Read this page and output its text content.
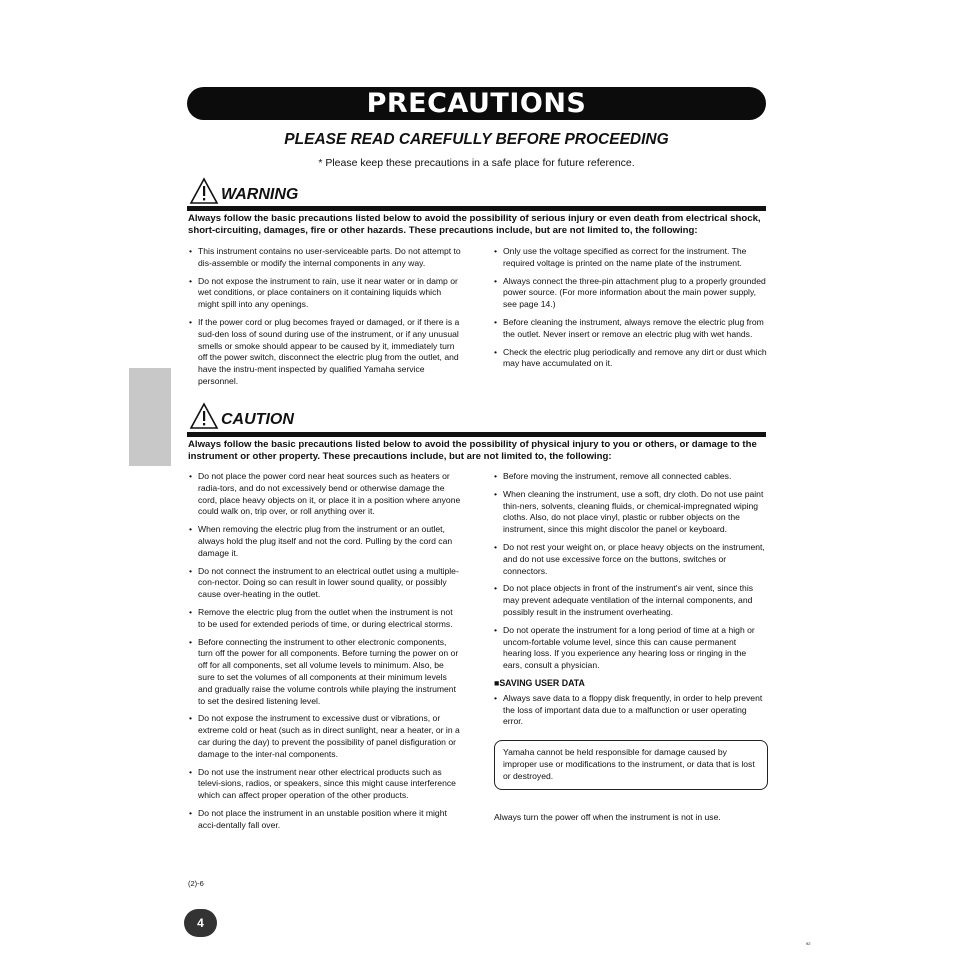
PRECAUTIONS
PLEASE READ CAREFULLY BEFORE PROCEEDING
* Please keep these precautions in a safe place for future reference.
WARNING
Always follow the basic precautions listed below to avoid the possibility of serious injury or even death from electrical shock, short-circuiting, damages, fire or other hazards. These precautions include, but are not limited to, the following:
• This instrument contains no user-serviceable parts. Do not attempt to dis-assemble or modify the internal components in any way.
• Do not expose the instrument to rain, use it near water or in damp or wet conditions, or place containers on it containing liquids which might spill into any openings.
• If the power cord or plug becomes frayed or damaged, or if there is a sud-den loss of sound during use of the instrument, or if any unusual smells or smoke should appear to be caused by it, immediately turn off the power switch, disconnect the electric plug from the outlet, and have the instru-ment inspected by qualified Yamaha service personnel.
• Only use the voltage specified as correct for the instrument. The required voltage is printed on the name plate of the instrument.
• Always connect the three-pin attachment plug to a properly grounded power source. (For more information about the main power supply, see page 14.)
• Before cleaning the instrument, always remove the electric plug from the outlet. Never insert or remove an electric plug with wet hands.
• Check the electric plug periodically and remove any dirt or dust which may have accumulated on it.
CAUTION
Always follow the basic precautions listed below to avoid the possibility of physical injury to you or others, or damage to the instrument or other property. These precautions include, but are not limited to, the following:
• Do not place the power cord near heat sources such as heaters or radia-tors, and do not excessively bend or otherwise damage the cord, place heavy objects on it, or place it in a position where anyone could walk on, trip over, or roll anything over it.
• When removing the electric plug from the instrument or an outlet, always hold the plug itself and not the cord. Pulling by the cord can damage it.
• Do not connect the instrument to an electrical outlet using a multiple-con-nector. Doing so can result in lower sound quality, or possibly cause over-heating in the outlet.
• Remove the electric plug from the outlet when the instrument is not to be used for extended periods of time, or during electrical storms.
• Before connecting the instrument to other electronic components, turn off the power for all components. Before turning the power on or off for all components, set all volume levels to minimum. Also, be sure to set the volumes of all components at their minimum levels and gradually raise the volume controls while playing the instrument to set the desired listening level.
• Do not expose the instrument to excessive dust or vibrations, or extreme cold or heat (such as in direct sunlight, near a heater, or in a car during the day) to prevent the possibility of panel disfiguration or damage to the inter-nal components.
• Do not use the instrument near other electrical products such as televi-sions, radios, or speakers, since this might cause interference which can affect proper operation of the other products.
• Do not place the instrument in an unstable position where it might acci-dentally fall over.
• Before moving the instrument, remove all connected cables.
• When cleaning the instrument, use a soft, dry cloth. Do not use paint thin-ners, solvents, cleaning fluids, or chemical-impregnated wiping cloths. Also, do not place vinyl, plastic or rubber objects on the instrument, since this might discolor the panel or keyboard.
• Do not rest your weight on, or place heavy objects on the instrument, and do not use excessive force on the buttons, switches or connectors.
• Do not place objects in front of the instrument's air vent, since this may prevent adequate ventilation of the internal components, and possibly result in the instrument overheating.
• Do not operate the instrument for a long period of time at a high or uncom-fortable volume level, since this can cause permanent hearing loss. If you experience any hearing loss or ringing in the ears, consult a physician.
■SAVING USER DATA
• Always save data to a floppy disk frequently, in order to help prevent the loss of important data due to a malfunction or user operating error.
Yamaha cannot be held responsible for damage caused by improper use or modifications to the instrument, or data that is lost or destroyed.
Always turn the power off when the instrument is not in use.
(2)-6
4
92
